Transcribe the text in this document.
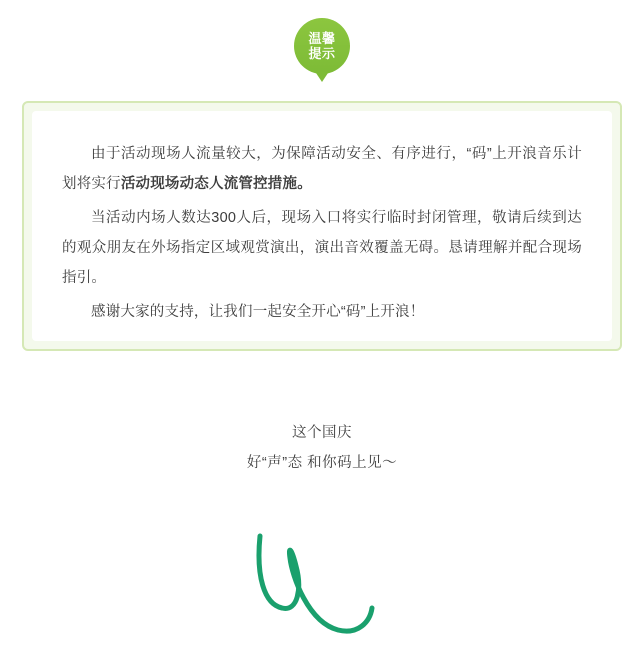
温馨
提示

由于活动现场人流量较大，为保障活动安全、有序进行，“码”上开浪音乐计划将实行活动现场动态人流管控措施。

当活动内场人数达300人后，现场入口将实行临时封闭管理，敬请后续到达的观众朋友在外场指定区域观赏演出，演出音效覆盖无碍。恳请理解并配合现场指引。

感谢大家的支持，让我们一起安全开心“码”上开浪！

这个国庆
好“声”态 和你码上见～
